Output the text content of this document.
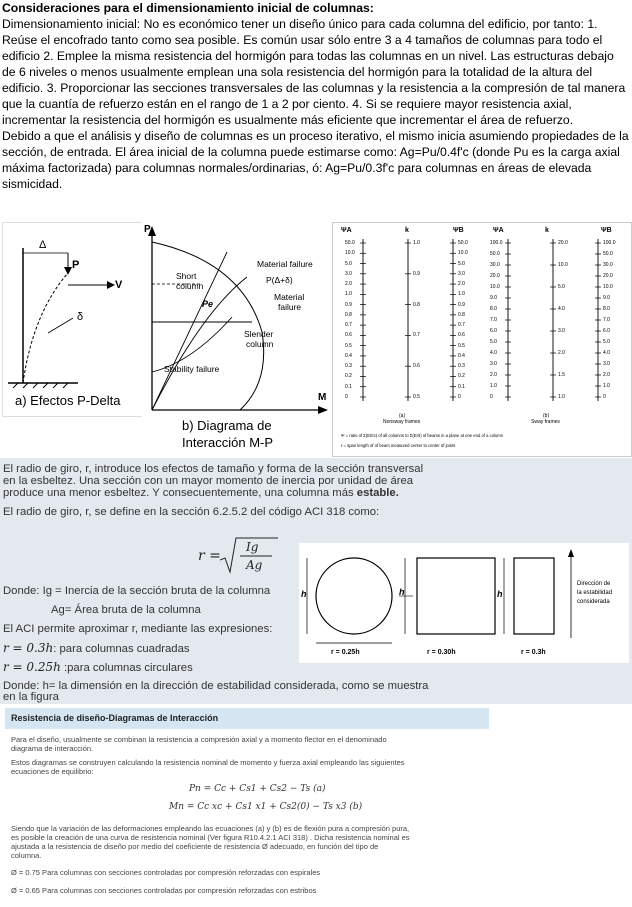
Consideraciones para el dimensionamiento inicial de columnas:
Dimensionamiento inicial: No es económico tener un diseño único para cada columna del edificio, por tanto: 1. Reúse el encofrado tanto como sea posible. Es común usar sólo entre 3 a 4 tamaños de columnas para todo el edificio 2. Emplee la misma resistencia del hormigón para todas las columnas en un nivel. Las estructuras debajo de 6 niveles o menos usualmente emplean una sola resistencia del hormigón para la totalidad de la altura del edificio. 3. Proporcionar las secciones transversales de las columnas y la resistencia a la compresión de tal manera que la cuantía de refuerzo están en el rango de 1 a 2 por ciento. 4. Si se requiere mayor resistencia axial, incrementar la resistencia del hormigón es usualmente más eficiente que incrementar el área de refuerzo.
Debido a que el análisis y diseño de columnas es un proceso iterativo, el mismo inicia asumiendo propiedades de la sección, de entrada. El área inicial de la columna puede estimarse como: Ag=Pu/0.4f'c (donde Pu es la carga axial máxima factorizada) para columnas normales/ordinarias, ó: Ag=Pu/0.3f'c para columnas en áreas de elevada sismicidad.
Δ
P
V
δ
a) Efectos P-Delta
P
M
Short
column
Pe
Material failure
P(Δ+δ)
Material
failure
Slender
column
Stability failure
b) Diagrama de
Interacción M-P
ΨA	k	ΨB	ΨA	k	ΨB
50.0
10.0
5.0
3.0
2.0
1.0
0.9
0.8
0.7
0.6
0.5
0.4
0.3
0.2
0.1
0
1.0
0.9
0.8
0.7
0.6
0.5
50.0
10.0
5.0
3.0
2.0
1.0
0.9
0.8
0.7
0.6
0.5
0.4
0.3
0.2
0.1
0
100.0
50.0
30.0
20.0
10.0
9.0
8.0
7.0
6.0
5.0
4.0
3.0
2.0
1.0
0
20.0
10.0
5.0
4.0
3.0
2.0
1.5
1.0
100.0
50.0
30.0
20.0
10.0
9.0
8.0
7.0
6.0
5.0
4.0
3.0
2.0
1.0
0
(a)
Nonsway frames
(b)
Sway frames
Ψ = ratio of Σ(EI/ℓc) of all columns to Σ(EI/ℓ) of beams in a plane at one end of a column
ℓ = span length of of beam measured center to center of joints
El radio de giro, r, introduce los efectos de tamaño y forma de la sección transversal
en la esbeltez. Una sección con un mayor momento de inercia por unidad de área
produce una menor esbeltez. Y consecuentemente, una columna más estable.
El radio de giro, r, se define en la sección 6.2.5.2 del código ACI 318 como:
r =
Ig
Ag
Donde: Ig = Inercia de la sección bruta de la columna
Ag= Área bruta de la columna
El ACI permite aproximar r, mediante las expresiones:
r = 0.3h: para columnas cuadradas
r = 0.25h :para columnas circulares
Donde: h= la dimensión en la dirección de estabilidad considerada, como se muestra
en la figura
h	h	h
r = 0.25h	r = 0.30h	r = 0.3h
Dirección de
la estabilidad
considerada
Resistencia de diseño-Diagramas de Interacción
Para el diseño, usualmente se combinan la resistencia a compresión axial y a momento flector en el denominado
diagrama de interacción.
Estos diagramas se construyen calculando la resistencia nominal de momento y fuerza axial empleando las siguientes
ecuaciones de equilibrio:
Pn = Cc + Cs1 + Cs2 − Ts (a)
Mn = Cc xc + Cs1 x1 + Cs2(0) − Ts x3 (b)
Siendo que la variación de las deformaciones empleando las ecuaciones (a) y (b) es de flexión pura a compresión pura,
es posible la creación de una curva de resistencia nominal (Ver figura R10.4.2.1 ACI 318) . Dicha resistencia nominal es
ajustada a la resistencia de diseño por medio del coeficiente de resistencia Ø adecuado, en función del tipo de
columna.
Ø = 0.75 Para columnas con secciones controladas por compresión reforzadas con espirales
Ø = 0.65 Para columnas con secciones controladas por compresión reforzadas con estribos
